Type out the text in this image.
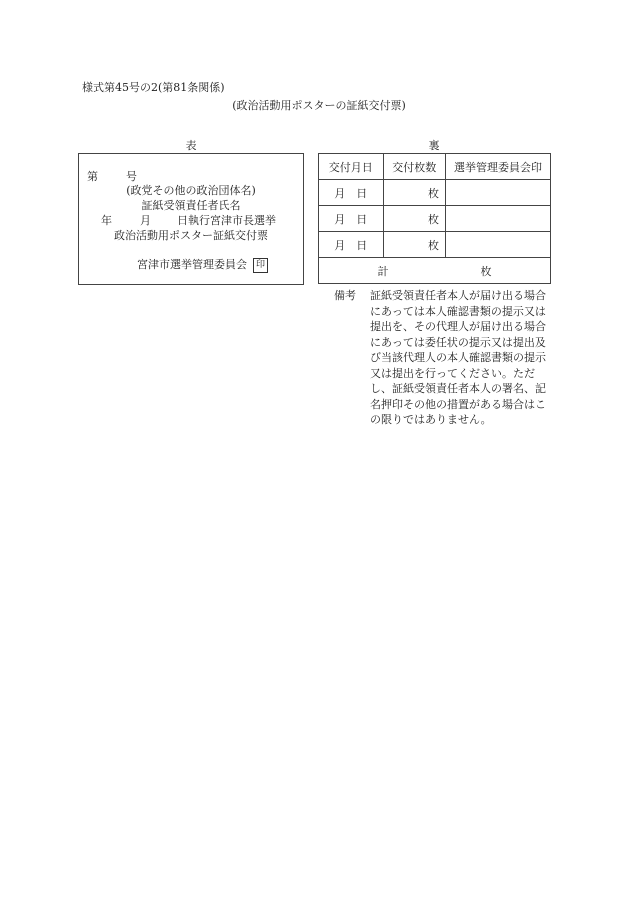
様式第45号の2(第81条関係)
(政治活動用ポスターの証紙交付票)
表	裏
第	号
(政党その他の政治団体名)
証紙受領責任者氏名
年	月 日執行宮津市長選挙
政治活動用ポスター証紙交付票
宮津市選挙管理委員会 印
交付月日	交付枚数	選挙管理委員会印
月 日	枚	
月 日	枚	
月 日	枚	
計 枚		
備考 証紙受領責任者本人が届け出る場合にあっては本人確認書類の提示又は提出を、その代理人が届け出る場合にあっては委任状の提示又は提出及び当該代理人の本人確認書類の提示又は提出を行ってください。ただし、証紙受領責任者本人の署名、記名押印その他の措置がある場合はこの限りではありません。
